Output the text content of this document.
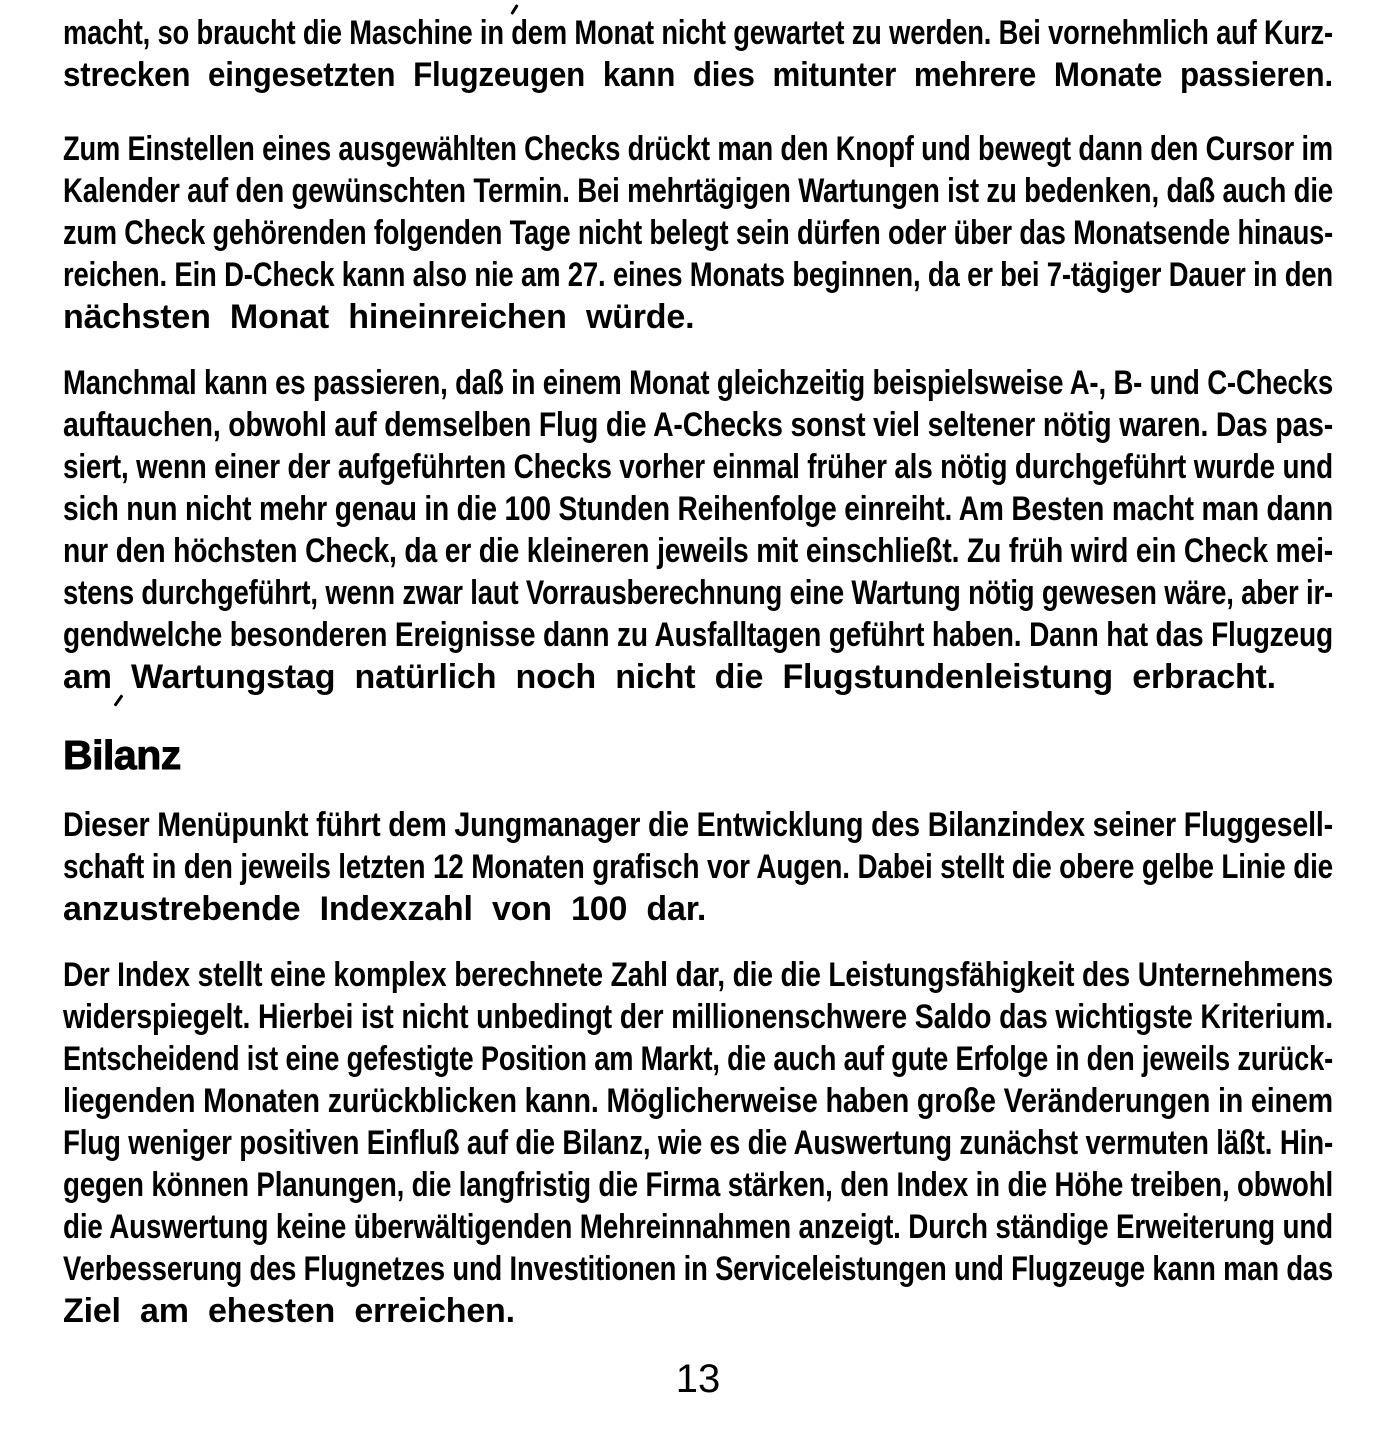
macht, so braucht die Maschine in dem Monat nicht gewartet zu werden. Bei vornehmlich auf Kurz-
strecken eingesetzten Flugzeugen kann dies mitunter mehrere Monate passieren.
Zum Einstellen eines ausgewählten Checks drückt man den Knopf und bewegt dann den Cursor im
Kalender auf den gewünschten Termin. Bei mehrtägigen Wartungen ist zu bedenken, daß auch die
zum Check gehörenden folgenden Tage nicht belegt sein dürfen oder über das Monatsende hinaus-
reichen. Ein D-Check kann also nie am 27. eines Monats beginnen, da er bei 7-tägiger Dauer in den
nächsten Monat hineinreichen würde.
Manchmal kann es passieren, daß in einem Monat gleichzeitig beispielsweise A-, B- und C-Checks
auftauchen, obwohl auf demselben Flug die A-Checks sonst viel seltener nötig waren. Das pas-
siert, wenn einer der aufgeführten Checks vorher einmal früher als nötig durchgeführt wurde und
sich nun nicht mehr genau in die 100 Stunden Reihenfolge einreiht. Am Besten macht man dann
nur den höchsten Check, da er die kleineren jeweils mit einschließt. Zu früh wird ein Check mei-
stens durchgeführt, wenn zwar laut Vorrausberechnung eine Wartung nötig gewesen wäre, aber ir-
gendwelche besonderen Ereignisse dann zu Ausfalltagen geführt haben. Dann hat das Flugzeug
am Wartungstag natürlich noch nicht die Flugstundenleistung erbracht.
Bilanz
Dieser Menüpunkt führt dem Jungmanager die Entwicklung des Bilanzindex seiner Fluggesell-
schaft in den jeweils letzten 12 Monaten grafisch vor Augen. Dabei stellt die obere gelbe Linie die
anzustrebende Indexzahl von 100 dar.
Der Index stellt eine komplex berechnete Zahl dar, die die Leistungsfähigkeit des Unternehmens
widerspiegelt. Hierbei ist nicht unbedingt der millionenschwere Saldo das wichtigste Kriterium.
Entscheidend ist eine gefestigte Position am Markt, die auch auf gute Erfolge in den jeweils zurück-
liegenden Monaten zurückblicken kann. Möglicherweise haben große Veränderungen in einem
Flug weniger positiven Einfluß auf die Bilanz, wie es die Auswertung zunächst vermuten läßt. Hin-
gegen können Planungen, die langfristig die Firma stärken, den Index in die Höhe treiben, obwohl
die Auswertung keine überwältigenden Mehreinnahmen anzeigt. Durch ständige Erweiterung und
Verbesserung des Flugnetzes und Investitionen in Serviceleistungen und Flugzeuge kann man das
Ziel am ehesten erreichen.
13
